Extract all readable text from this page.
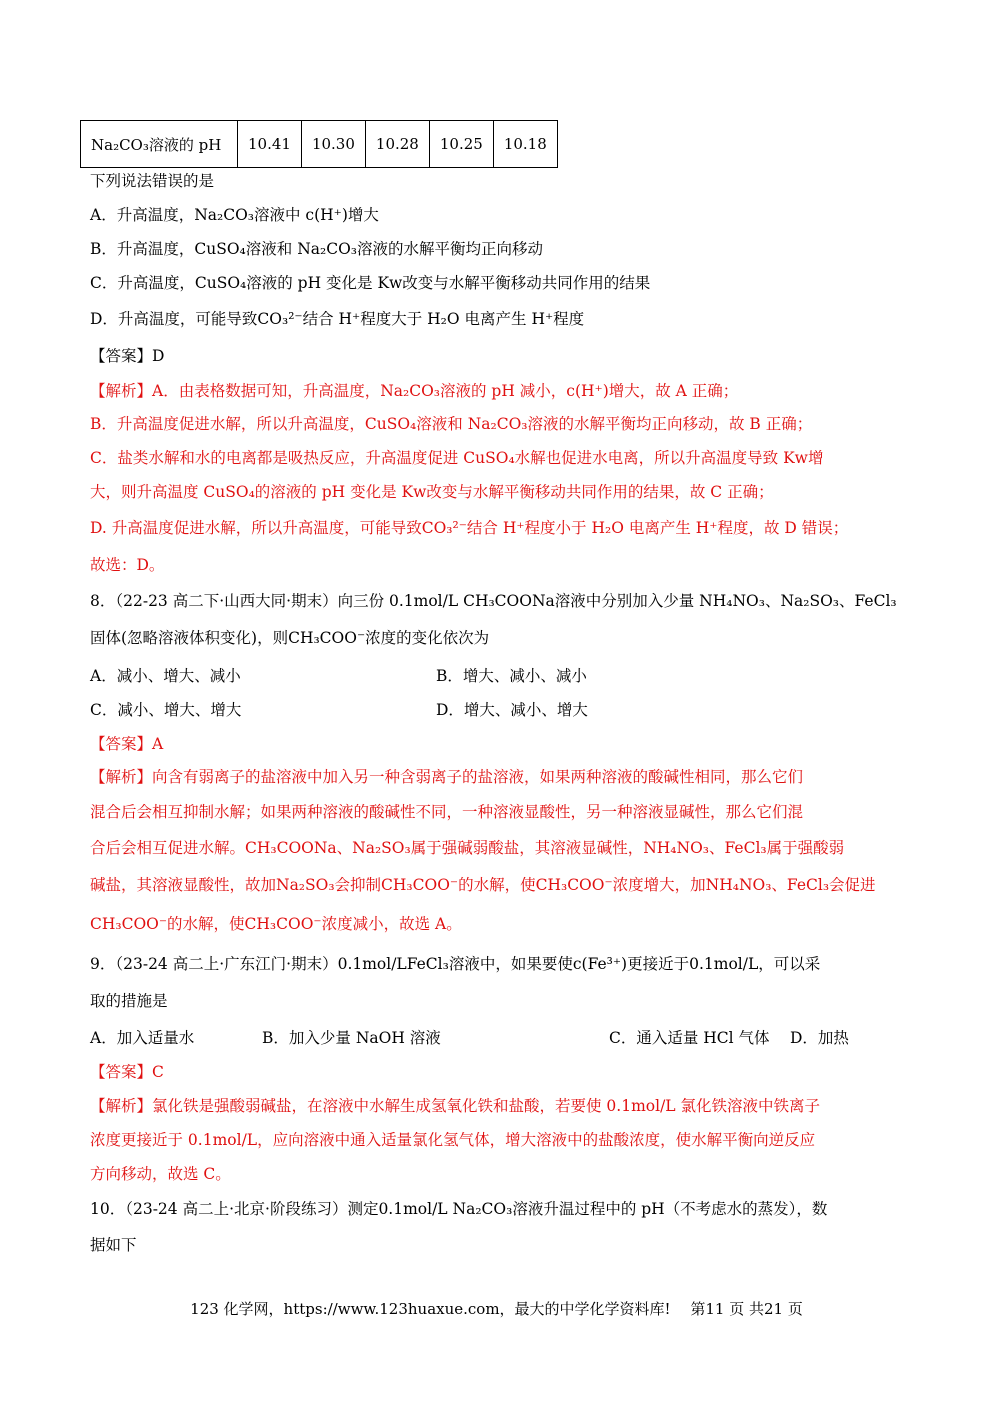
Na₂CO₃溶液的 pH	10.41	10.30	10.28	10.25	10.18
下列说法错误的是
A．升高温度，Na₂CO₃溶液中 c(H⁺)增大
B．升高温度，CuSO₄溶液和 Na₂CO₃溶液的水解平衡均正向移动
C．升高温度，CuSO₄溶液的 pH 变化是 Kw改变与水解平衡移动共同作用的结果
D．升高温度，可能导致CO₃²⁻结合 H⁺程度大于 H₂O 电离产生 H⁺程度
【答案】D
【解析】A．由表格数据可知，升高温度，Na₂CO₃溶液的 pH 减小，c(H⁺)增大，故 A 正确；
B．升高温度促进水解，所以升高温度，CuSO₄溶液和 Na₂CO₃溶液的水解平衡均正向移动，故 B 正确；
C．盐类水解和水的电离都是吸热反应，升高温度促进 CuSO₄水解也促进水电离，所以升高温度导致 Kw增
大，则升高温度 CuSO₄的溶液的 pH 变化是 Kw改变与水解平衡移动共同作用的结果，故 C 正确；
D. 升高温度促进水解，所以升高温度，可能导致CO₃²⁻结合 H⁺程度小于 H₂O 电离产生 H⁺程度，故 D 错误；
故选：D。
8．（22-23 高二下·山西大同·期末）向三份 0.1mol/L CH₃COONa溶液中分别加入少量 NH₄NO₃、Na₂SO₃、FeCl₃
固体(忽略溶液体积变化)，则CH₃COO⁻浓度的变化依次为
A．减小、增大、减小	B．增大、减小、减小
C．减小、增大、增大	D．增大、减小、增大
【答案】A
【解析】向含有弱离子的盐溶液中加入另一种含弱离子的盐溶液，如果两种溶液的酸碱性相同，那么它们
混合后会相互抑制水解；如果两种溶液的酸碱性不同，一种溶液显酸性，另一种溶液显碱性，那么它们混
合后会相互促进水解。CH₃COONa、Na₂SO₃属于强碱弱酸盐，其溶液显碱性，NH₄NO₃、FeCl₃属于强酸弱
碱盐，其溶液显酸性，故加Na₂SO₃会抑制CH₃COO⁻的水解，使CH₃COO⁻浓度增大，加NH₄NO₃、FeCl₃会促进
CH₃COO⁻的水解，使CH₃COO⁻浓度减小，故选 A。
9．（23-24 高二上·广东江门·期末）0.1mol/LFeCl₃溶液中，如果要使c(Fe³⁺)更接近于0.1mol/L，可以采
取的措施是
A．加入适量水	B．加入少量 NaOH 溶液	C．通入适量 HCl 气体 D．加热
【答案】C
【解析】氯化铁是强酸弱碱盐，在溶液中水解生成氢氧化铁和盐酸，若要使 0.1mol/L 氯化铁溶液中铁离子
浓度更接近于 0.1mol/L，应向溶液中通入适量氯化氢气体，增大溶液中的盐酸浓度，使水解平衡向逆反应
方向移动，故选 C。
10．（23-24 高二上·北京·阶段练习）测定0.1mol/L Na₂CO₃溶液升温过程中的 pH（不考虑水的蒸发），数
据如下
123 化学网，https://www.123huaxue.com，最大的中学化学资料库!　 第11 页 共21 页
